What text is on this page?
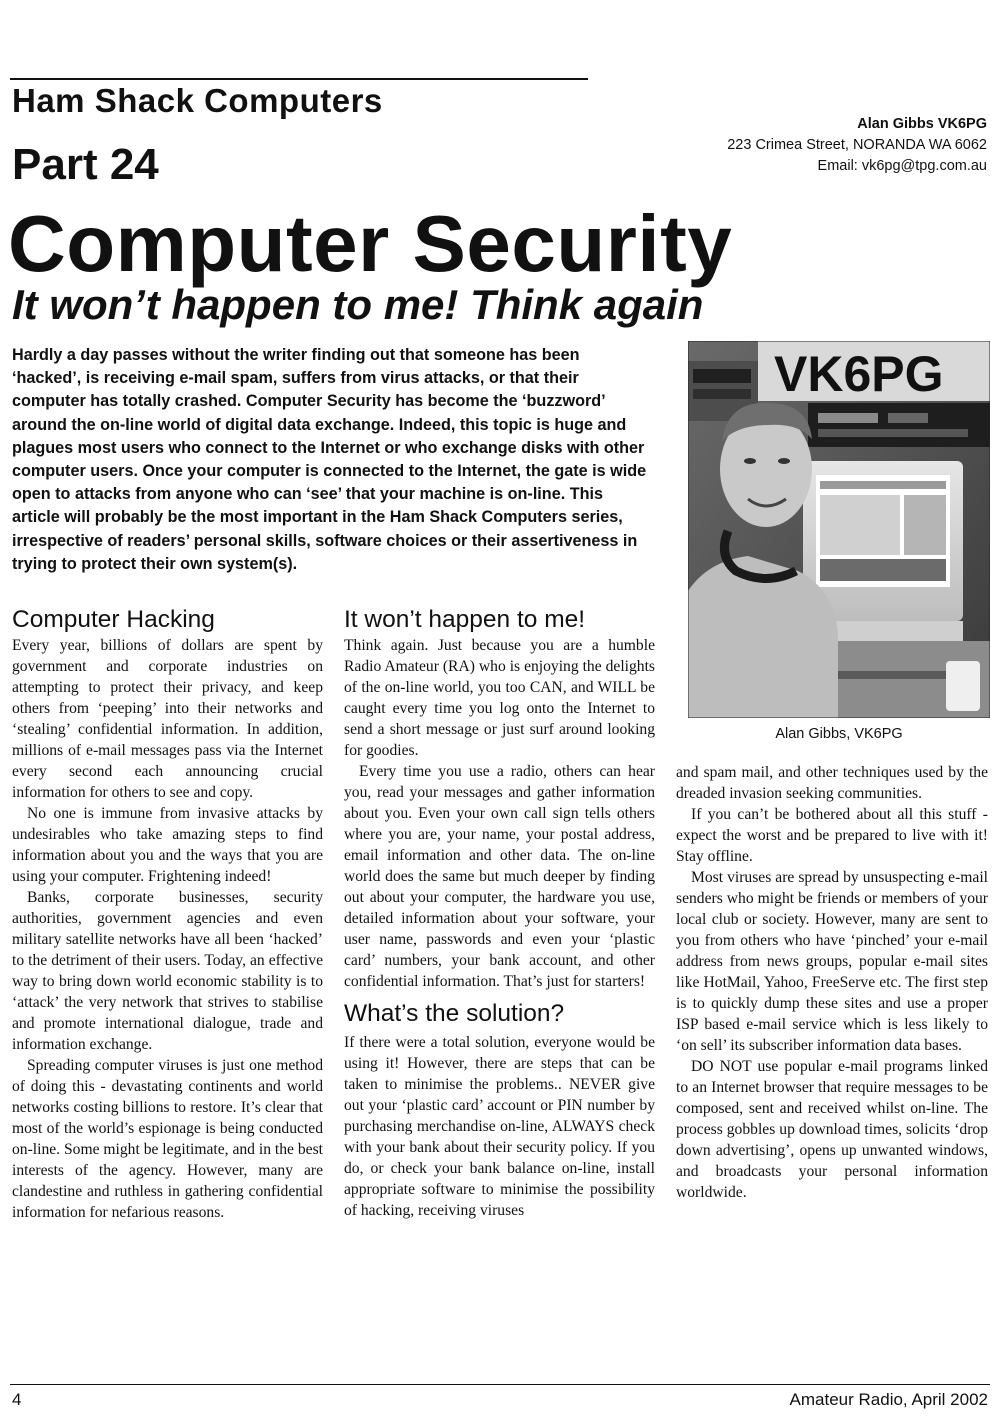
Ham Shack Computers
Part 24
Computer Security
It won’t happen to me! Think again
Alan Gibbs VK6PG
223 Crimea Street, NORANDA WA 6062
Email: vk6pg@tpg.com.au
Hardly a day passes without the writer finding out that someone has been ‘hacked’, is receiving e-mail spam, suffers from virus attacks, or that their computer has totally crashed. Computer Security has become the ‘buzzword’ around the on-line world of digital data exchange. Indeed, this topic is huge and plagues most users who connect to the Internet or who exchange disks with other computer users. Once your computer is connected to the Internet, the gate is wide open to attacks from anyone who can ‘see’ that your machine is on-line. This article will probably be the most important in the Ham Shack Computers series, irrespective of readers’ personal skills, software choices or their assertiveness in trying to protect their own system(s).
VK6PG
Alan Gibbs, VK6PG
Computer Hacking

Every year, billions of dollars are spent by government and corporate industries on attempting to protect their privacy, and keep others from ‘peeping’ into their networks and ‘stealing’ confidential information. In addition, millions of e-mail messages pass via the Internet every second each announcing crucial information for others to see and copy.

No one is immune from invasive attacks by undesirables who take amazing steps to find information about you and the ways that you are using your computer. Frightening indeed!

Banks, corporate businesses, security authorities, government agencies and even military satellite networks have all been ‘hacked’ to the detriment of their users. Today, an effective way to bring down world economic stability is to ‘attack’ the very network that strives to stabilise and promote international dialogue, trade and information exchange.

Spreading computer viruses is just one method of doing this - devastating continents and world networks costing billions to restore. It’s clear that most of the world’s espionage is being conducted on-line. Some might be legitimate, and in the best interests of the agency. However, many are clandestine and ruthless in gathering confidential information for nefarious reasons.

It won’t happen to me!

Think again. Just because you are a humble Radio Amateur (RA) who is enjoying the delights of the on-line world, you too CAN, and WILL be caught every time you log onto the Internet to send a short message or just surf around looking for goodies.

Every time you use a radio, others can hear you, read your messages and gather information about you. Even your own call sign tells others where you are, your name, your postal address, email information and other data. The on-line world does the same but much deeper by finding out about your computer, the hardware you use, detailed information about your software, your user name, passwords and even your ‘plastic card’ numbers, your bank account, and other confidential information. That’s just for starters!

What’s the solution?

If there were a total solution, everyone would be using it! However, there are steps that can be taken to minimise the problems.. NEVER give out your ‘plastic card’ account or PIN number by purchasing merchandise on-line, ALWAYS check with your bank about their security policy. If you do, or check your bank balance on-line, install appropriate software to minimise the possibility of hacking, receiving viruses

and spam mail, and other techniques used by the dreaded invasion seeking communities.

If you can’t be bothered about all this stuff - expect the worst and be prepared to live with it! Stay offline.

Most viruses are spread by unsuspecting e-mail senders who might be friends or members of your local club or society. However, many are sent to you from others who have ‘pinched’ your e-mail address from news groups, popular e-mail sites like HotMail, Yahoo, FreeServe etc. The first step is to quickly dump these sites and use a proper ISP based e-mail service which is less likely to ‘on sell’ its subscriber information data bases.

DO NOT use popular e-mail programs linked to an Internet browser that require messages to be composed, sent and received whilst on-line. The process gobbles up download times, solicits ‘drop down advertising’, opens up unwanted windows, and broadcasts your personal information worldwide.

4	Amateur Radio, April 2002
